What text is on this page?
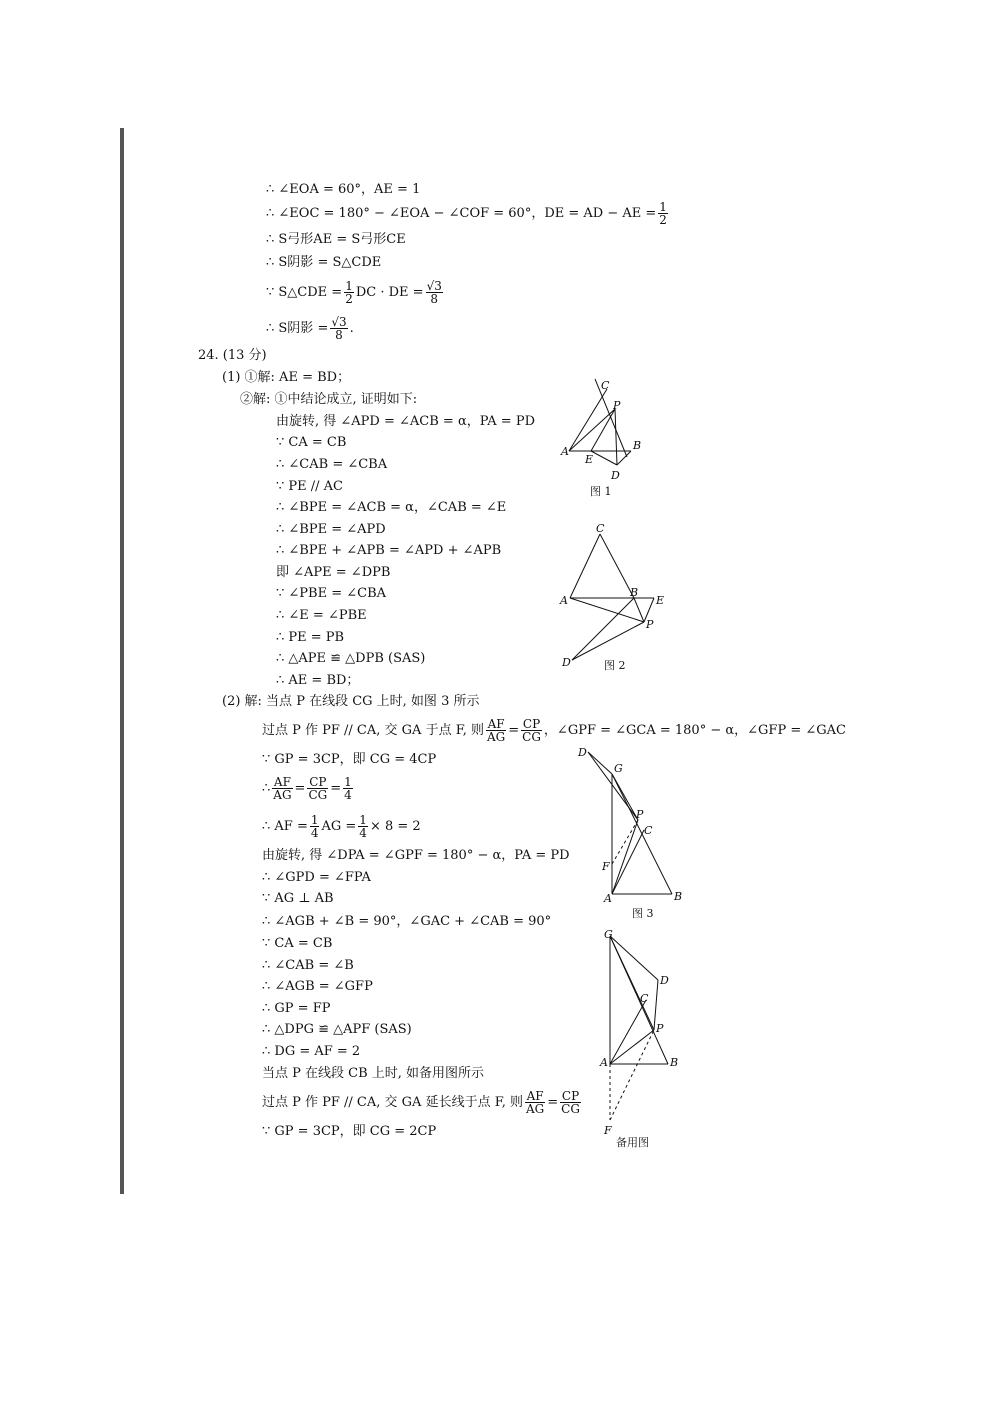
∴ ∠EOA = 60°，AE = 1
∴ ∠EOC = 180° − ∠EOA − ∠COF = 60°，DE = AD − AE = $\frac{1}{2}$
∴ S弓形AE = S弓形CE
∴ S阴影 = S△CDE
∵ S△CDE = $\frac{1}{2}$ DC · DE = $\frac{√3}{8}$
∴ S阴影 = $\frac{√3}{8}$ .
24. (13 分)
(1) ①解: AE = BD；
②解: ①中结论成立, 证明如下:
由旋转, 得 ∠APD = ∠ACB = α，PA = PD
∵ CA = CB
∴ ∠CAB = ∠CBA
∵ PE // AC
∴ ∠BPE = ∠ACB = α，∠CAB = ∠E
∴ ∠BPE = ∠APD
∴ ∠BPE + ∠APB = ∠APD + ∠APB
即 ∠APE = ∠DPB
∵ ∠PBE = ∠CBA
∴ ∠E = ∠PBE
∴ PE = PB
∴ △APE ≌ △DPB (SAS)
∴ AE = BD；
(2) 解: 当点 P 在线段 CG 上时, 如图 3 所示
过点 P 作 PF // CA, 交 GA 于点 F, 则 $\frac{AF}{AG} = \frac{CP}{CG}$ ，∠GPF = ∠GCA = 180° − α，∠GFP = ∠GAC
∵ GP = 3CP，即 CG = 4CP
∴ $\frac{AF}{AG} = \frac{CP}{CG} = \frac{1}{4}$
∴ AF = $\frac{1}{4}$ AG = $\frac{1}{4} \times 8 = 2$
由旋转, 得 ∠DPA = ∠GPF = 180° − α，PA = PD
∴ ∠GPD = ∠FPA
∵ AG ⊥ AB
∴ ∠AGB + ∠B = 90°，∠GAC + ∠CAB = 90°
∵ CA = CB
∴ ∠CAB = ∠B
∴ ∠AGB = ∠GFP
∴ GP = FP
∴ △DPG ≌ △APF (SAS)
∴ DG = AF = 2
当点 P 在线段 CB 上时, 如备用图所示
过点 P 作 PF // CA, 交 GA 延长线于点 F, 则 $\frac{AF}{AG} = \frac{CP}{CG}$
∵ GP = 3CP，即 CG = 2CP
C
P
A
E
B
D
图 1
C
A
B
E
P
D	图 2
D
G
P
C
F
A	B
图 3
G
D
C
P
A	B
F
备用图
